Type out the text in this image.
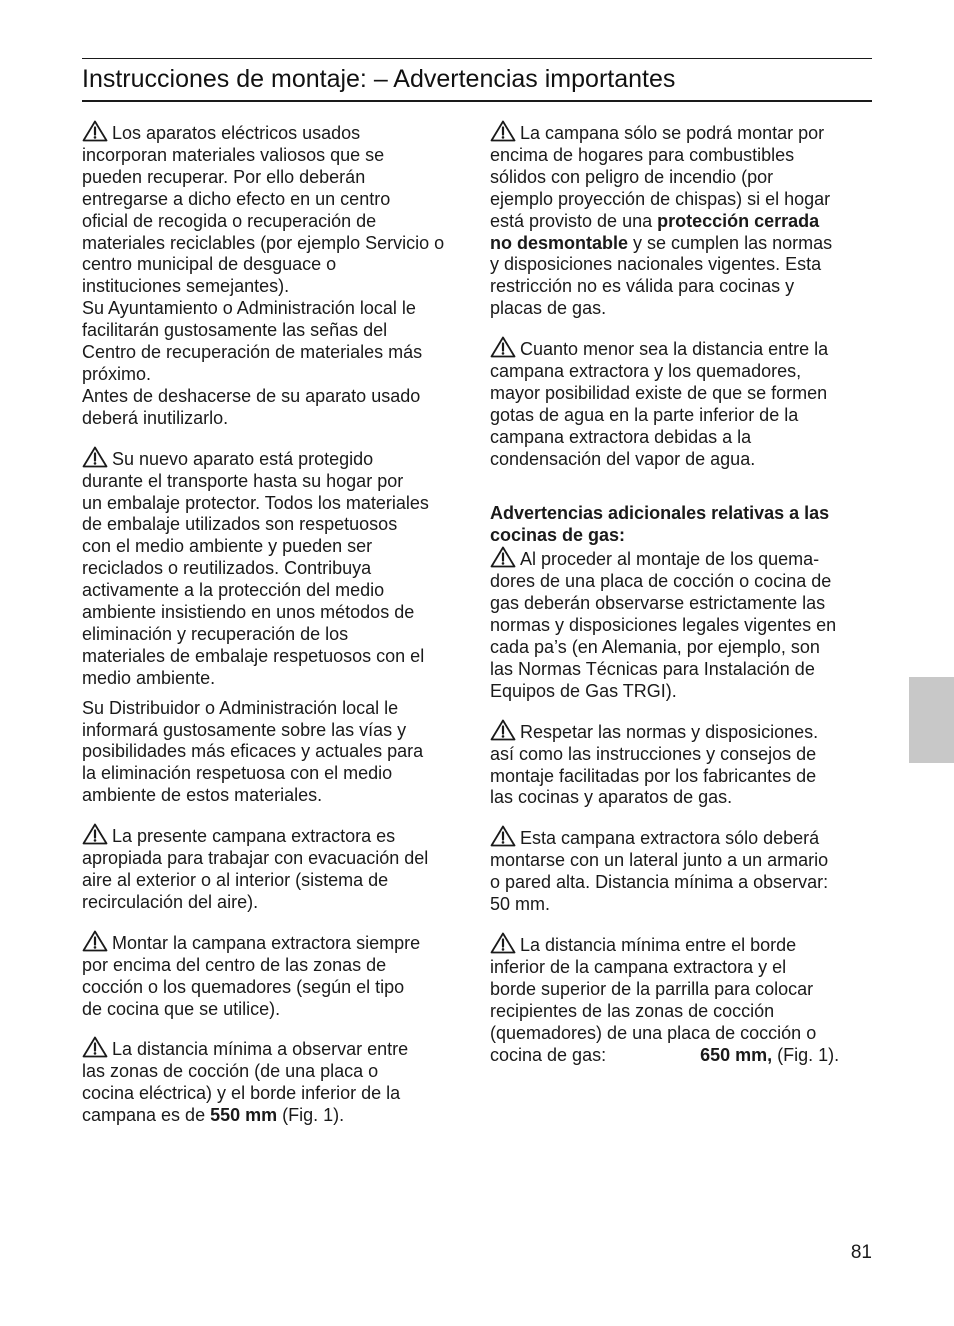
Instrucciones de montaje: – Advertencias importantes
Los aparatos eléctricos usados
incorporan materiales valiosos que se
pueden recuperar. Por ello deberán
entregarse a dicho efecto en un centro
oficial de recogida o recuperación de
materiales reciclables (por ejemplo Servicio o
centro municipal de desguace o
instituciones semejantes).
Su Ayuntamiento o Administración local le
facilitarán gustosamente las señas del
Centro de recuperación de materiales más
próximo.
Antes de deshacerse de su aparato usado
deberá inutilizarlo.
Su nuevo aparato está protegido
durante el transporte hasta su hogar por
un embalaje protector. Todos los materiales
de embalaje utilizados son respetuosos
con el medio ambiente y pueden ser
reciclados o reutilizados. Contribuya
activamente a la protección del medio
ambiente insistiendo en unos métodos de
eliminación y recuperación de los
materiales de embalaje respetuosos con el
medio ambiente.
Su Distribuidor o Administración local le
informará gustosamente sobre las vías y
posibilidades más eficaces y actuales para
la eliminación respetuosa con el medio
ambiente de estos materiales.
La presente campana extractora es
apropiada para trabajar con evacuación del
aire al exterior o al interior (sistema de
recirculación del aire).
Montar la campana extractora siempre
por encima del centro de las zonas de
cocción o los quemadores (según el tipo
de cocina que se utilice).
La distancia mínima a observar entre
las zonas de cocción (de una placa o
cocina eléctrica) y el borde inferior de la
campana es de 550 mm (Fig. 1).
La campana sólo se podrá montar por
encima de hogares para combustibles
sólidos con peligro de incendio (por
ejemplo proyección de chispas) si el hogar
está provisto de una protección cerrada
no desmontable y se cumplen las normas
y disposiciones nacionales vigentes. Esta
restricción no es válida para cocinas y
placas de gas.
Cuanto menor sea la distancia entre la
campana extractora y los quemadores,
mayor posibilidad existe de que se formen
gotas de agua en la parte inferior de la
campana extractora debidas a la
condensación del vapor de agua.
Advertencias adicionales relativas a las
cocinas de gas:
Al proceder al montaje de los quema-
dores de una placa de cocción o cocina de
gas deberán observarse estrictamente las
normas y disposiciones legales vigentes en
cada pa’s (en Alemania, por ejemplo, son
las Normas Técnicas para Instalación de
Equipos de Gas TRGI).
Respetar las normas y disposiciones.
así como las instrucciones y consejos de
montaje facilitadas por los fabricantes de
las cocinas y aparatos de gas.
Esta campana extractora sólo deberá
montarse con un lateral junto a un armario
o pared alta. Distancia mínima a observar:
50 mm.
La distancia mínima entre el borde
inferior de la campana extractora y el
borde superior de la parrilla para colocar
recipientes de las zonas de cocción
(quemadores) de una placa de cocción o
cocina de gas:	650 mm, (Fig. 1).
81
